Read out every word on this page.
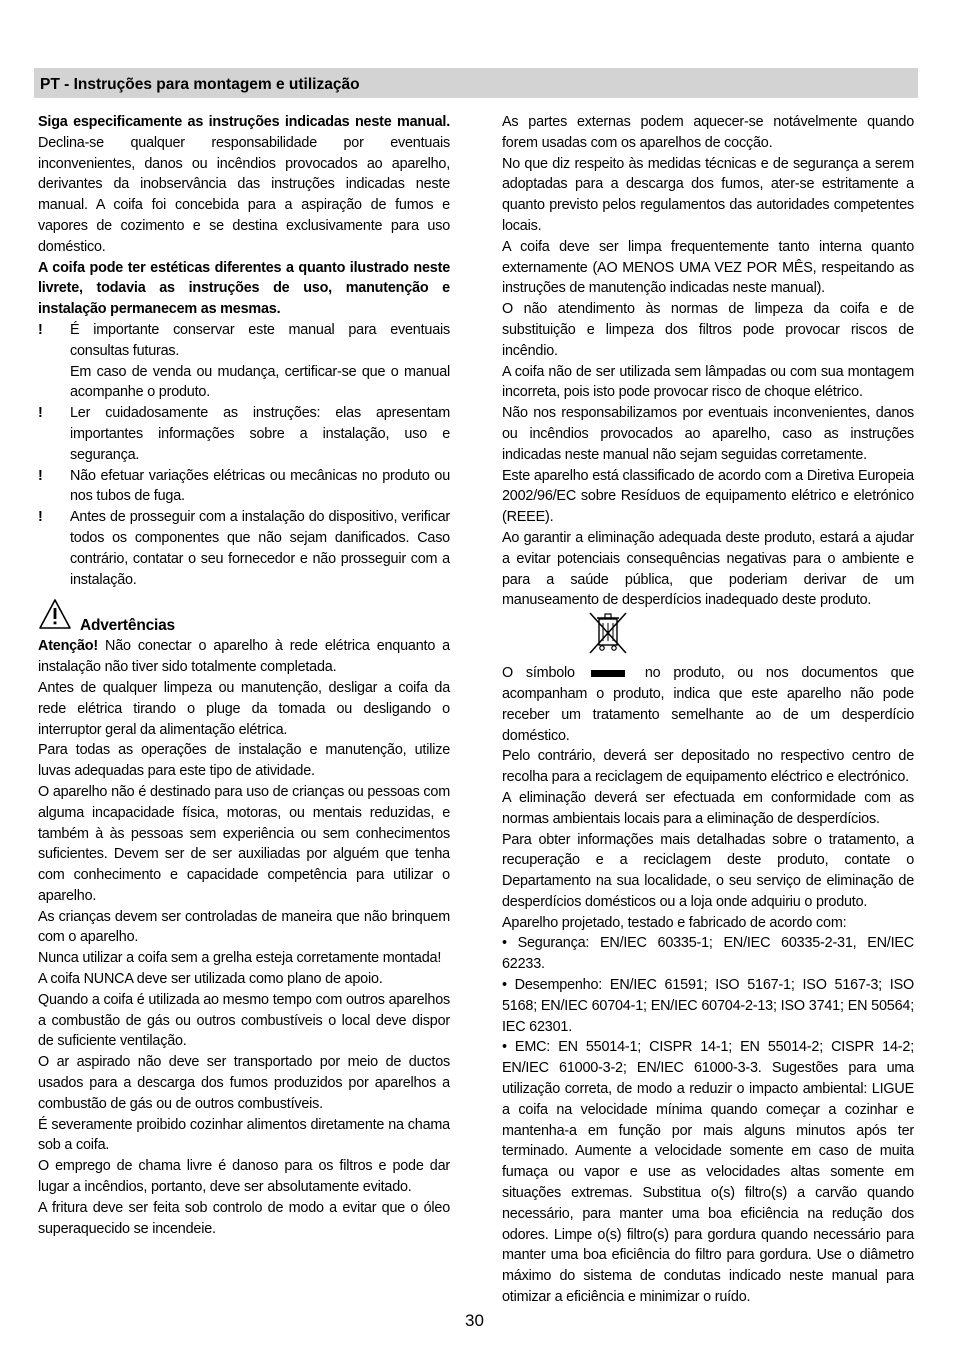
PT - Instruções para montagem e utilização

Siga especificamente as instruções indicadas neste manual. Declina-se qualquer responsabilidade por eventuais inconvenientes, danos ou incêndios provocados ao aparelho, derivantes da inobservância das instruções indicadas neste manual. A coifa foi concebida para a aspiração de fumos e vapores de cozimento e se destina exclusivamente para uso doméstico.

A coifa pode ter estéticas diferentes a quanto ilustrado neste livrete, todavia as instruções de uso, manutenção e instalação permanecem as mesmas.

! É importante conservar este manual para eventuais consultas futuras.
Em caso de venda ou mudança, certificar-se que o manual acompanhe o produto.
! Ler cuidadosamente as instruções: elas apresentam importantes informações sobre a instalação, uso e segurança.
! Não efetuar variações elétricas ou mecânicas no produto ou nos tubos de fuga.
! Antes de prosseguir com a instalação do dispositivo, verificar todos os componentes que não sejam danificados. Caso contrário, contatar o seu fornecedor e não prosseguir com a instalação.
Advertências

Atenção! Não conectar o aparelho à rede elétrica enquanto a instalação não tiver sido totalmente completada.

Antes de qualquer limpeza ou manutenção, desligar a coifa da rede elétrica tirando o pluge da tomada ou desligando o interruptor geral da alimentação elétrica.

Para todas as operações de instalação e manutenção, utilize luvas adequadas para este tipo de atividade.

O aparelho não é destinado para uso de crianças ou pessoas com alguma incapacidade física, motoras, ou mentais reduzidas, e também à às pessoas sem experiência ou sem conhecimentos suficientes. Devem ser de ser auxiliadas por alguém que tenha com conhecimento e capacidade competência para utilizar o aparelho.

As crianças devem ser controladas de maneira que não brinquem com o aparelho.

Nunca utilizar a coifa sem a grelha esteja corretamente montada!

A coifa NUNCA deve ser utilizada como plano de apoio.

Quando a coifa é utilizada ao mesmo tempo com outros aparelhos a combustão de gás ou outros combustíveis o local deve dispor de suficiente ventilação.

O ar aspirado não deve ser transportado por meio de ductos usados para a descarga dos fumos produzidos por aparelhos a combustão de gás ou de outros combustíveis.

É severamente proibido cozinhar alimentos diretamente na chama sob a coifa.

O emprego de chama livre é danoso para os filtros e pode dar lugar a incêndios, portanto, deve ser absolutamente evitado.

A fritura deve ser feita sob controlo de modo a evitar que o óleo superaquecido se incendeie.

As partes externas podem aquecer-se notávelmente quando forem usadas com os aparelhos de cocção.

No que diz respeito às medidas técnicas e de segurança a serem adoptadas para a descarga dos fumos, ater-se estritamente a quanto previsto pelos regulamentos das autoridades competentes locais.

A coifa deve ser limpa frequentemente tanto interna quanto externamente (AO MENOS UMA VEZ POR MÊS, respeitando as instruções de manutenção indicadas neste manual).

O não atendimento às normas de limpeza da coifa e de substituição e limpeza dos filtros pode provocar riscos de incêndio.

A coifa não de ser utilizada sem lâmpadas ou com sua montagem incorreta, pois isto pode provocar risco de choque elétrico.

Não nos responsabilizamos por eventuais inconvenientes, danos ou incêndios provocados ao aparelho, caso as instruções indicadas neste manual não sejam seguidas corretamente.

Este aparelho está classificado de acordo com a Diretiva Europeia 2002/96/EC sobre Resíduos de equipamento elétrico e eletrónico (REEE).

Ao garantir a eliminação adequada deste produto, estará a ajudar a evitar potenciais consequências negativas para o ambiente e para a saúde pública, que poderiam derivar de um manuseamento de desperdícios inadequado deste produto.

O símbolo	no produto, ou nos documentos que acompanham o produto, indica que este aparelho não pode receber um tratamento semelhante ao de um desperdício doméstico.

Pelo contrário, deverá ser depositado no respectivo centro de recolha para a reciclagem de equipamento eléctrico e electrónico.

A eliminação deverá ser efectuada em conformidade com as normas ambientais locais para a eliminação de desperdícios.

Para obter informações mais detalhadas sobre o tratamento, a recuperação e a reciclagem deste produto, contate o Departamento na sua localidade, o seu serviço de eliminação de desperdícios domésticos ou a loja onde adquiriu o produto.

Aparelho projetado, testado e fabricado de acordo com:

• Segurança: EN/IEC 60335-1; EN/IEC 60335-2-31, EN/IEC 62233.

• Desempenho: EN/IEC 61591; ISO 5167-1; ISO 5167-3; ISO 5168; EN/IEC 60704-1; EN/IEC 60704-2-13; ISO 3741; EN 50564; IEC 62301.

• EMC: EN 55014-1; CISPR 14-1; EN 55014-2; CISPR 14-2; EN/IEC 61000-3-2; EN/IEC 61000-3-3. Sugestões para uma utilização correta, de modo a reduzir o impacto ambiental: LIGUE a coifa na velocidade mínima quando começar a cozinhar e mantenha-a em função por mais alguns minutos após ter terminado. Aumente a velocidade somente em caso de muita fumaça ou vapor e use as velocidades altas somente em situações extremas. Substitua o(s) filtro(s) a carvão quando necessário, para manter uma boa eficiência na redução dos odores. Limpe o(s) filtro(s) para gordura quando necessário para manter uma boa eficiência do filtro para gordura. Use o diâmetro máximo do sistema de condutas indicado neste manual para otimizar a eficiência e minimizar o ruído.

30
